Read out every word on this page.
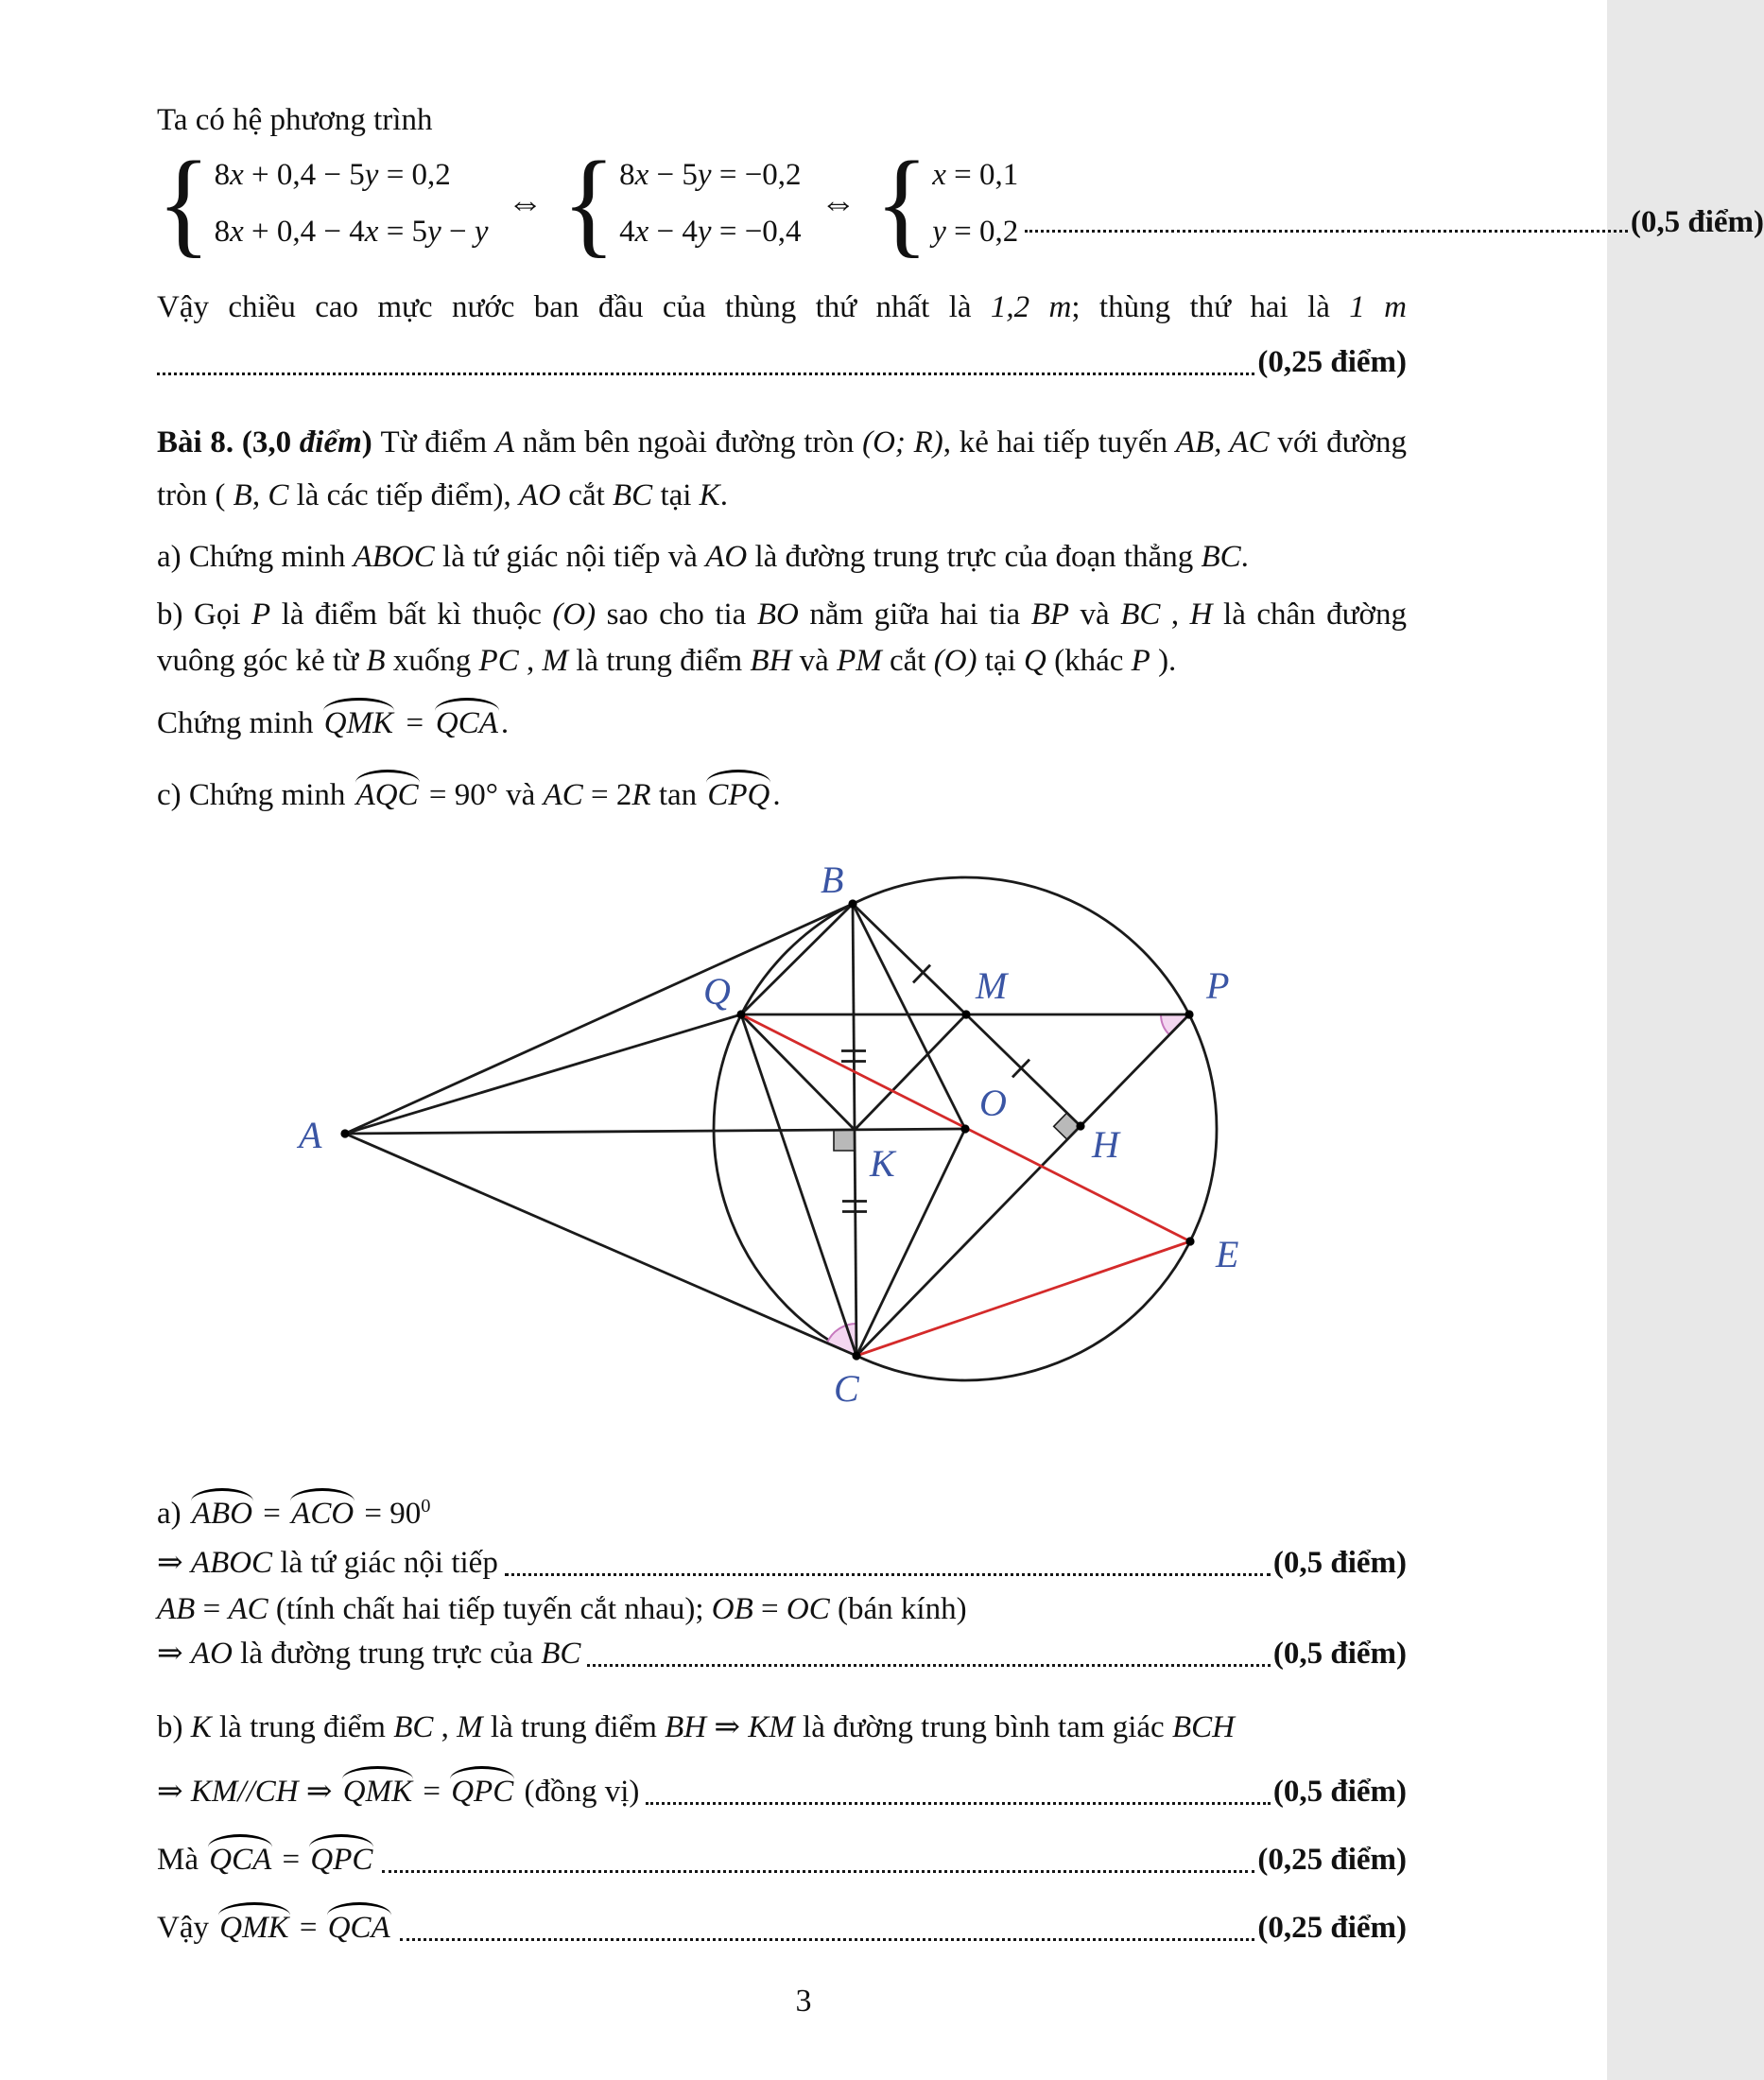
Ta có hệ phương trình
{ 8x + 0,4 − 5y = 0,2
8x + 0,4 − 4x = 5y − y
⇔ { 8x − 5y = −0,2
4x − 4y = −0,4
⇔ { x = 0,1
y = 0,2	(0,5 điểm)
Vậy chiều cao mực nước ban đầu của thùng thứ nhất là 1,2 m; thùng thứ hai là 1 m
(0,25 điểm)
Bài 8. (3,0 điểm) Từ điểm A nằm bên ngoài đường tròn (O; R), kẻ hai tiếp tuyến AB, AC với đường tròn ( B, C là các tiếp điểm), AO cắt BC tại K.
a) Chứng minh ABOC là tứ giác nội tiếp và AO là đường trung trực của đoạn thẳng BC.
b) Gọi P là điểm bất kì thuộc (O) sao cho tia BO nằm giữa hai tia BP và BC , H là chân đường vuông góc kẻ từ B xuống PC , M là trung điểm BH và PM cắt (O) tại Q (khác P ).
Chứng minh QMK = QCA.
c) Chứng minh AQC = 90° và AC = 2R tan CPQ.
A
B
Q	M	P
O
K	H
E
C
a) ABO = ACO = $90^0$
⇒ ABOC là tứ giác nội tiếp	(0,5 điểm)
AB = AC (tính chất hai tiếp tuyến cắt nhau); OB = OC (bán kính)
⇒ AO là đường trung trực của BC	(0,5 điểm)
b) K là trung điểm BC , M là trung điểm BH ⇒ KM là đường trung bình tam giác BCH
⇒ KM//CH ⇒ QMK = QPC (đồng vị)	(0,5 điểm)
Mà QCA = QPC	(0,25 điểm)
Vậy QMK = QCA	(0,25 điểm)
3
